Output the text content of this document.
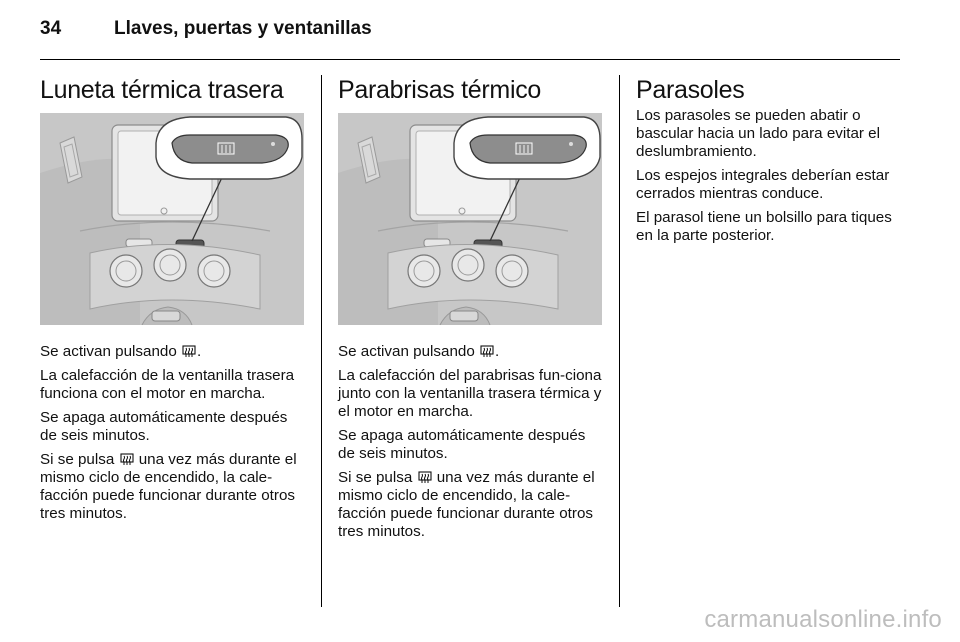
34	Llaves, puertas y ventanillas
Luneta térmica trasera

Se activan pulsando .

La calefacción de la ventanilla trasera funciona con el motor en marcha.

Se apaga automáticamente después de seis minutos.

Si se pulsa  una vez más durante el mismo ciclo de encendido, la cale‐facción puede funcionar durante otros tres minutos.

Parabrisas térmico

Se activan pulsando .

La calefacción del parabrisas fun‐ciona junto con la ventanilla trasera térmica y el motor en marcha.

Se apaga automáticamente después de seis minutos.

Si se pulsa  una vez más durante el mismo ciclo de encendido, la cale‐facción puede funcionar durante otros tres minutos.

Parasoles

Los parasoles se pueden abatir o bascular hacia un lado para evitar el deslumbramiento.

Los espejos integrales deberían estar cerrados mientras conduce.

El parasol tiene un bolsillo para tiques en la parte posterior.

carmanualsonline.info
